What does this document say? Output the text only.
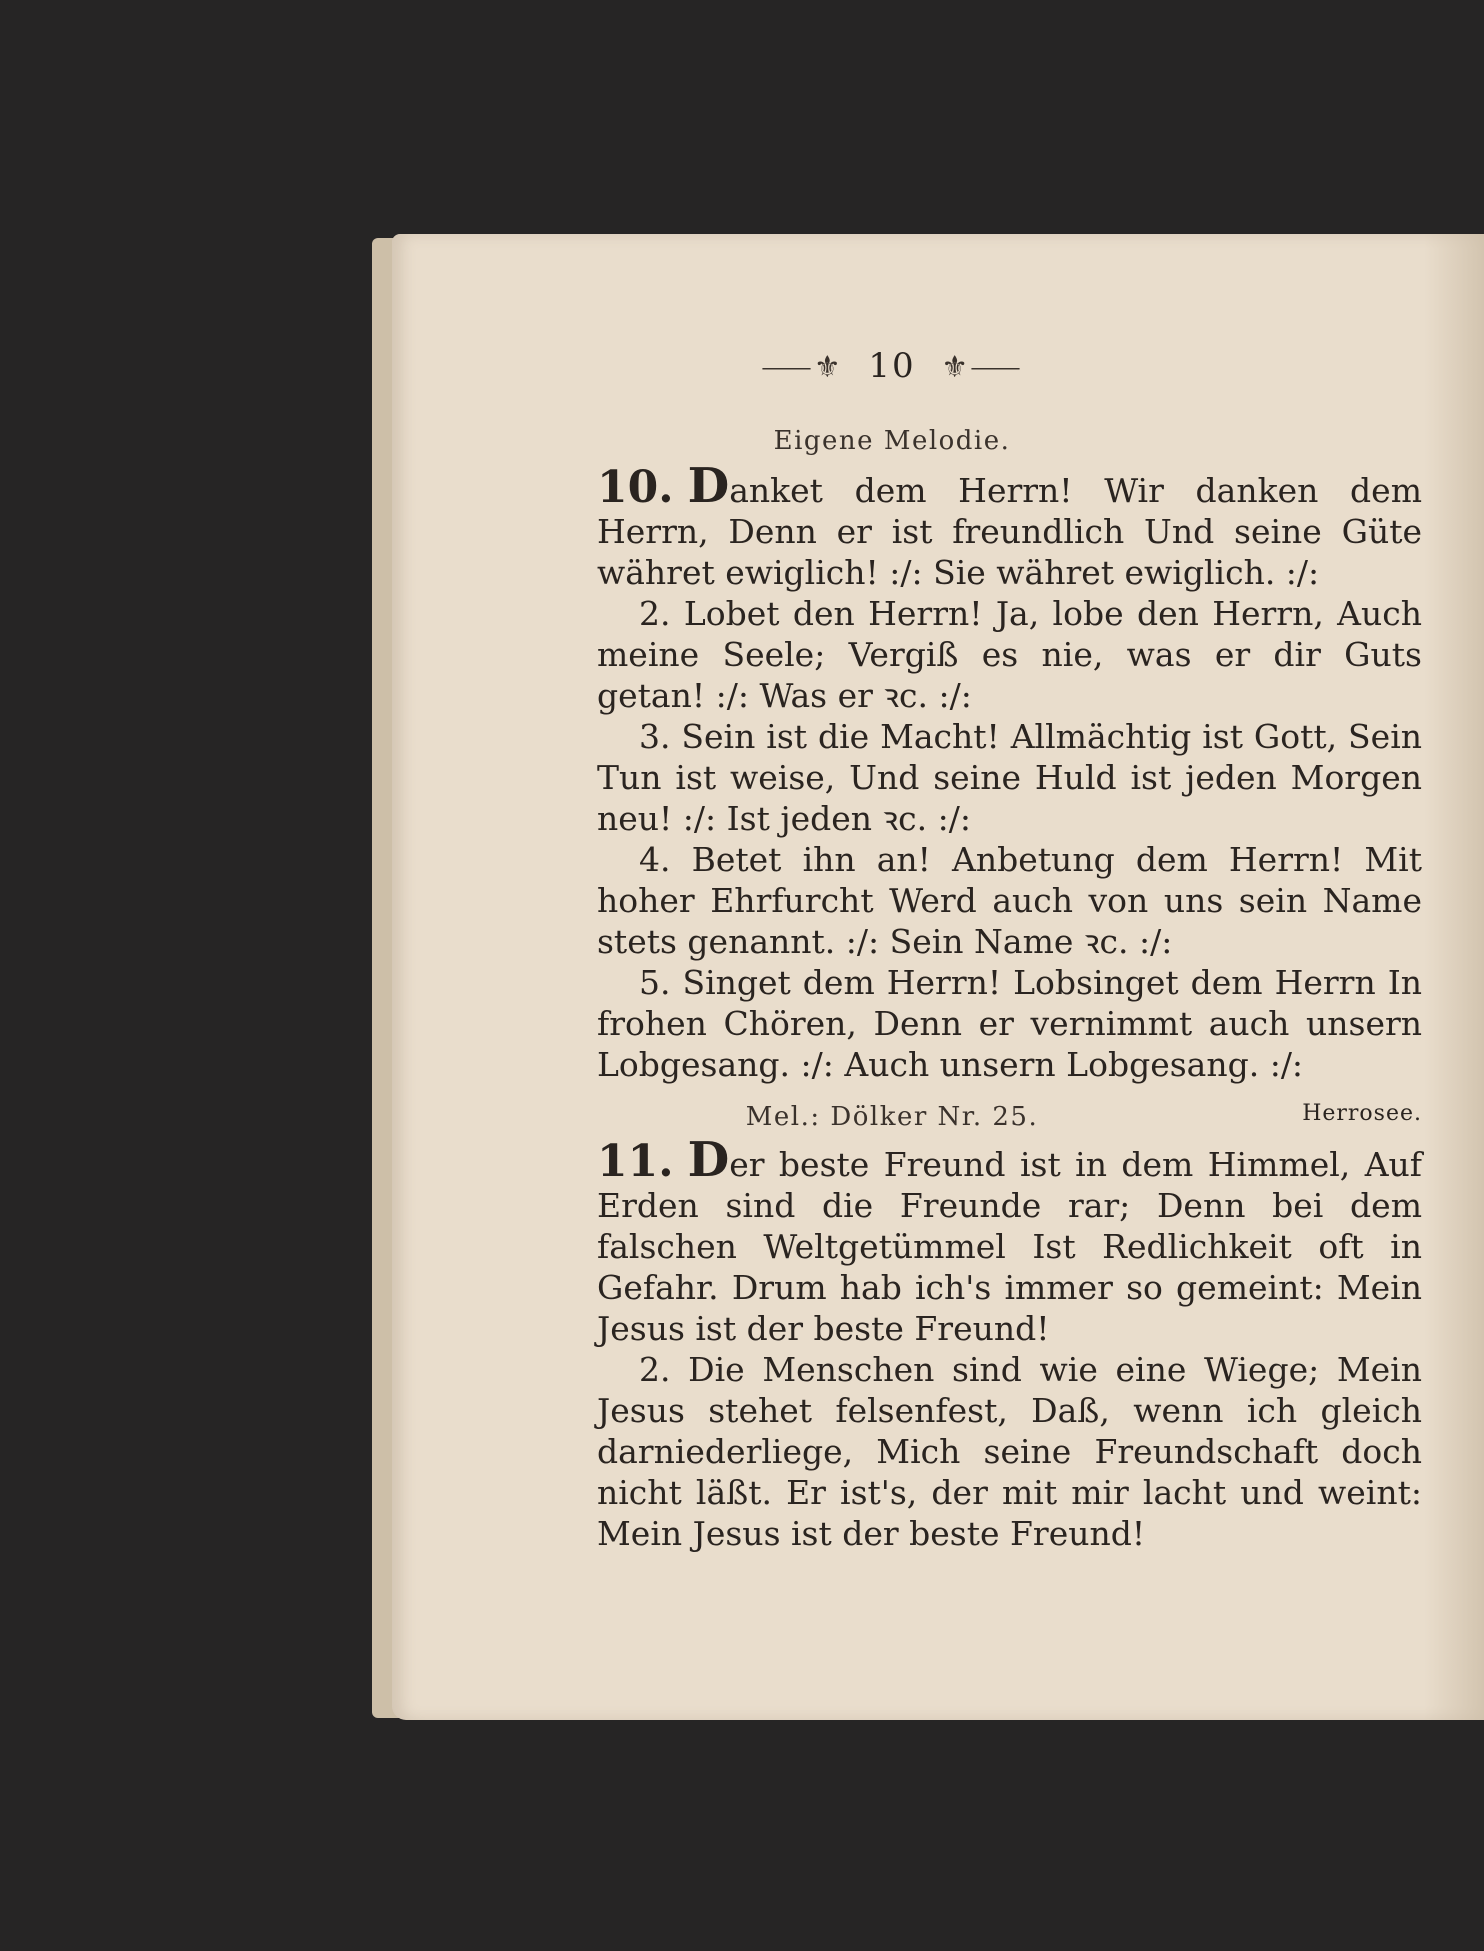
⸺⚜ 10 ⚜⸺
Eigene Melodie.

10. Danket dem Herrn! Wir danken dem Herrn, Denn er ist freundlich Und seine Güte währet ewiglich! :/: Sie währet ewiglich. :/:

2. Lobet den Herrn! Ja, lobe den Herrn, Auch meine Seele; Vergiß es nie, was er dir Guts getan! :/: Was er ꝛc. :/:

3. Sein ist die Macht! Allmächtig ist Gott, Sein Tun ist weise, Und seine Huld ist jeden Morgen neu! :/: Ist jeden ꝛc. :/:

4. Betet ihn an! Anbetung dem Herrn! Mit hoher Ehrfurcht Werd auch von uns sein Name stets genannt. :/: Sein Name ꝛc. :/:

5. Singet dem Herrn! Lobsinget dem Herrn In frohen Chören, Denn er vernimmt auch unsern Lobgesang. :/: Auch unsern Lobgesang. :/:
Herrosee.

Mel.: Dölker Nr. 25.

11. Der beste Freund ist in dem Himmel, Auf Erden sind die Freunde rar; Denn bei dem falschen Weltgetümmel Ist Redlichkeit oft in Gefahr. Drum hab ich's immer so gemeint: Mein Jesus ist der beste Freund!

2. Die Menschen sind wie eine Wiege; Mein Jesus stehet felsenfest, Daß, wenn ich gleich darniederliege, Mich seine Freundschaft doch nicht läßt. Er ist's, der mit mir lacht und weint: Mein Jesus ist der beste Freund!
